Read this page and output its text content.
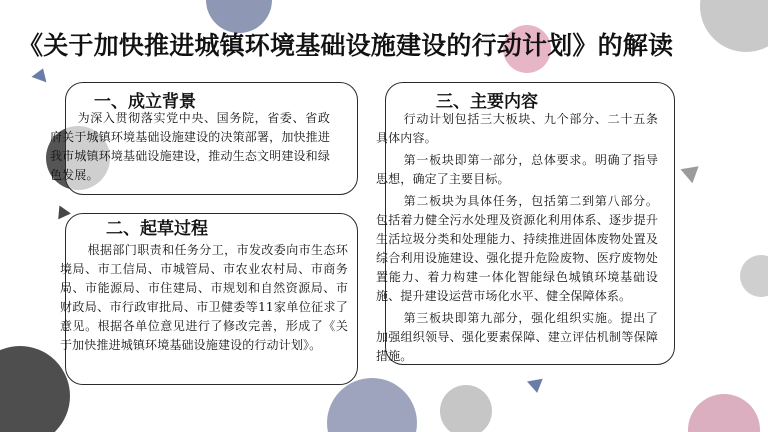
《关于加快推进城镇环境基础设施建设的行动计划》的解读
一、成立背景

为深入贯彻落实党中央、国务院，省委、省政府关于城镇环境基础设施建设的决策部署，加快推进我市城镇环境基础设施建设，推动生态文明建设和绿色发展。

二、起草过程

根据部门职责和任务分工，市发改委向市生态环境局、市工信局、市城管局、市农业农村局、市商务局、市能源局、市住建局、市规划和自然资源局、市财政局、市行政审批局、市卫健委等11家单位征求了意见。根据各单位意见进行了修改完善，形成了《关于加快推进城镇环境基础设施建设的行动计划》。

三、主要内容

行动计划包括三大板块、九个部分、二十五条具体内容。

第一板块即第一部分，总体要求。明确了指导思想，确定了主要目标。

第二板块为具体任务，包括第二到第八部分。包括着力健全污水处理及资源化利用体系、逐步提升生活垃圾分类和处理能力、持续推进固体废物处置及综合利用设施建设、强化提升危险废物、医疗废物处置能力、着力构建一体化智能绿色城镇环境基础设施、提升建设运营市场化水平、健全保障体系。

第三板块即第九部分，强化组织实施。提出了加强组织领导、强化要素保障、建立评估机制等保障措施。
